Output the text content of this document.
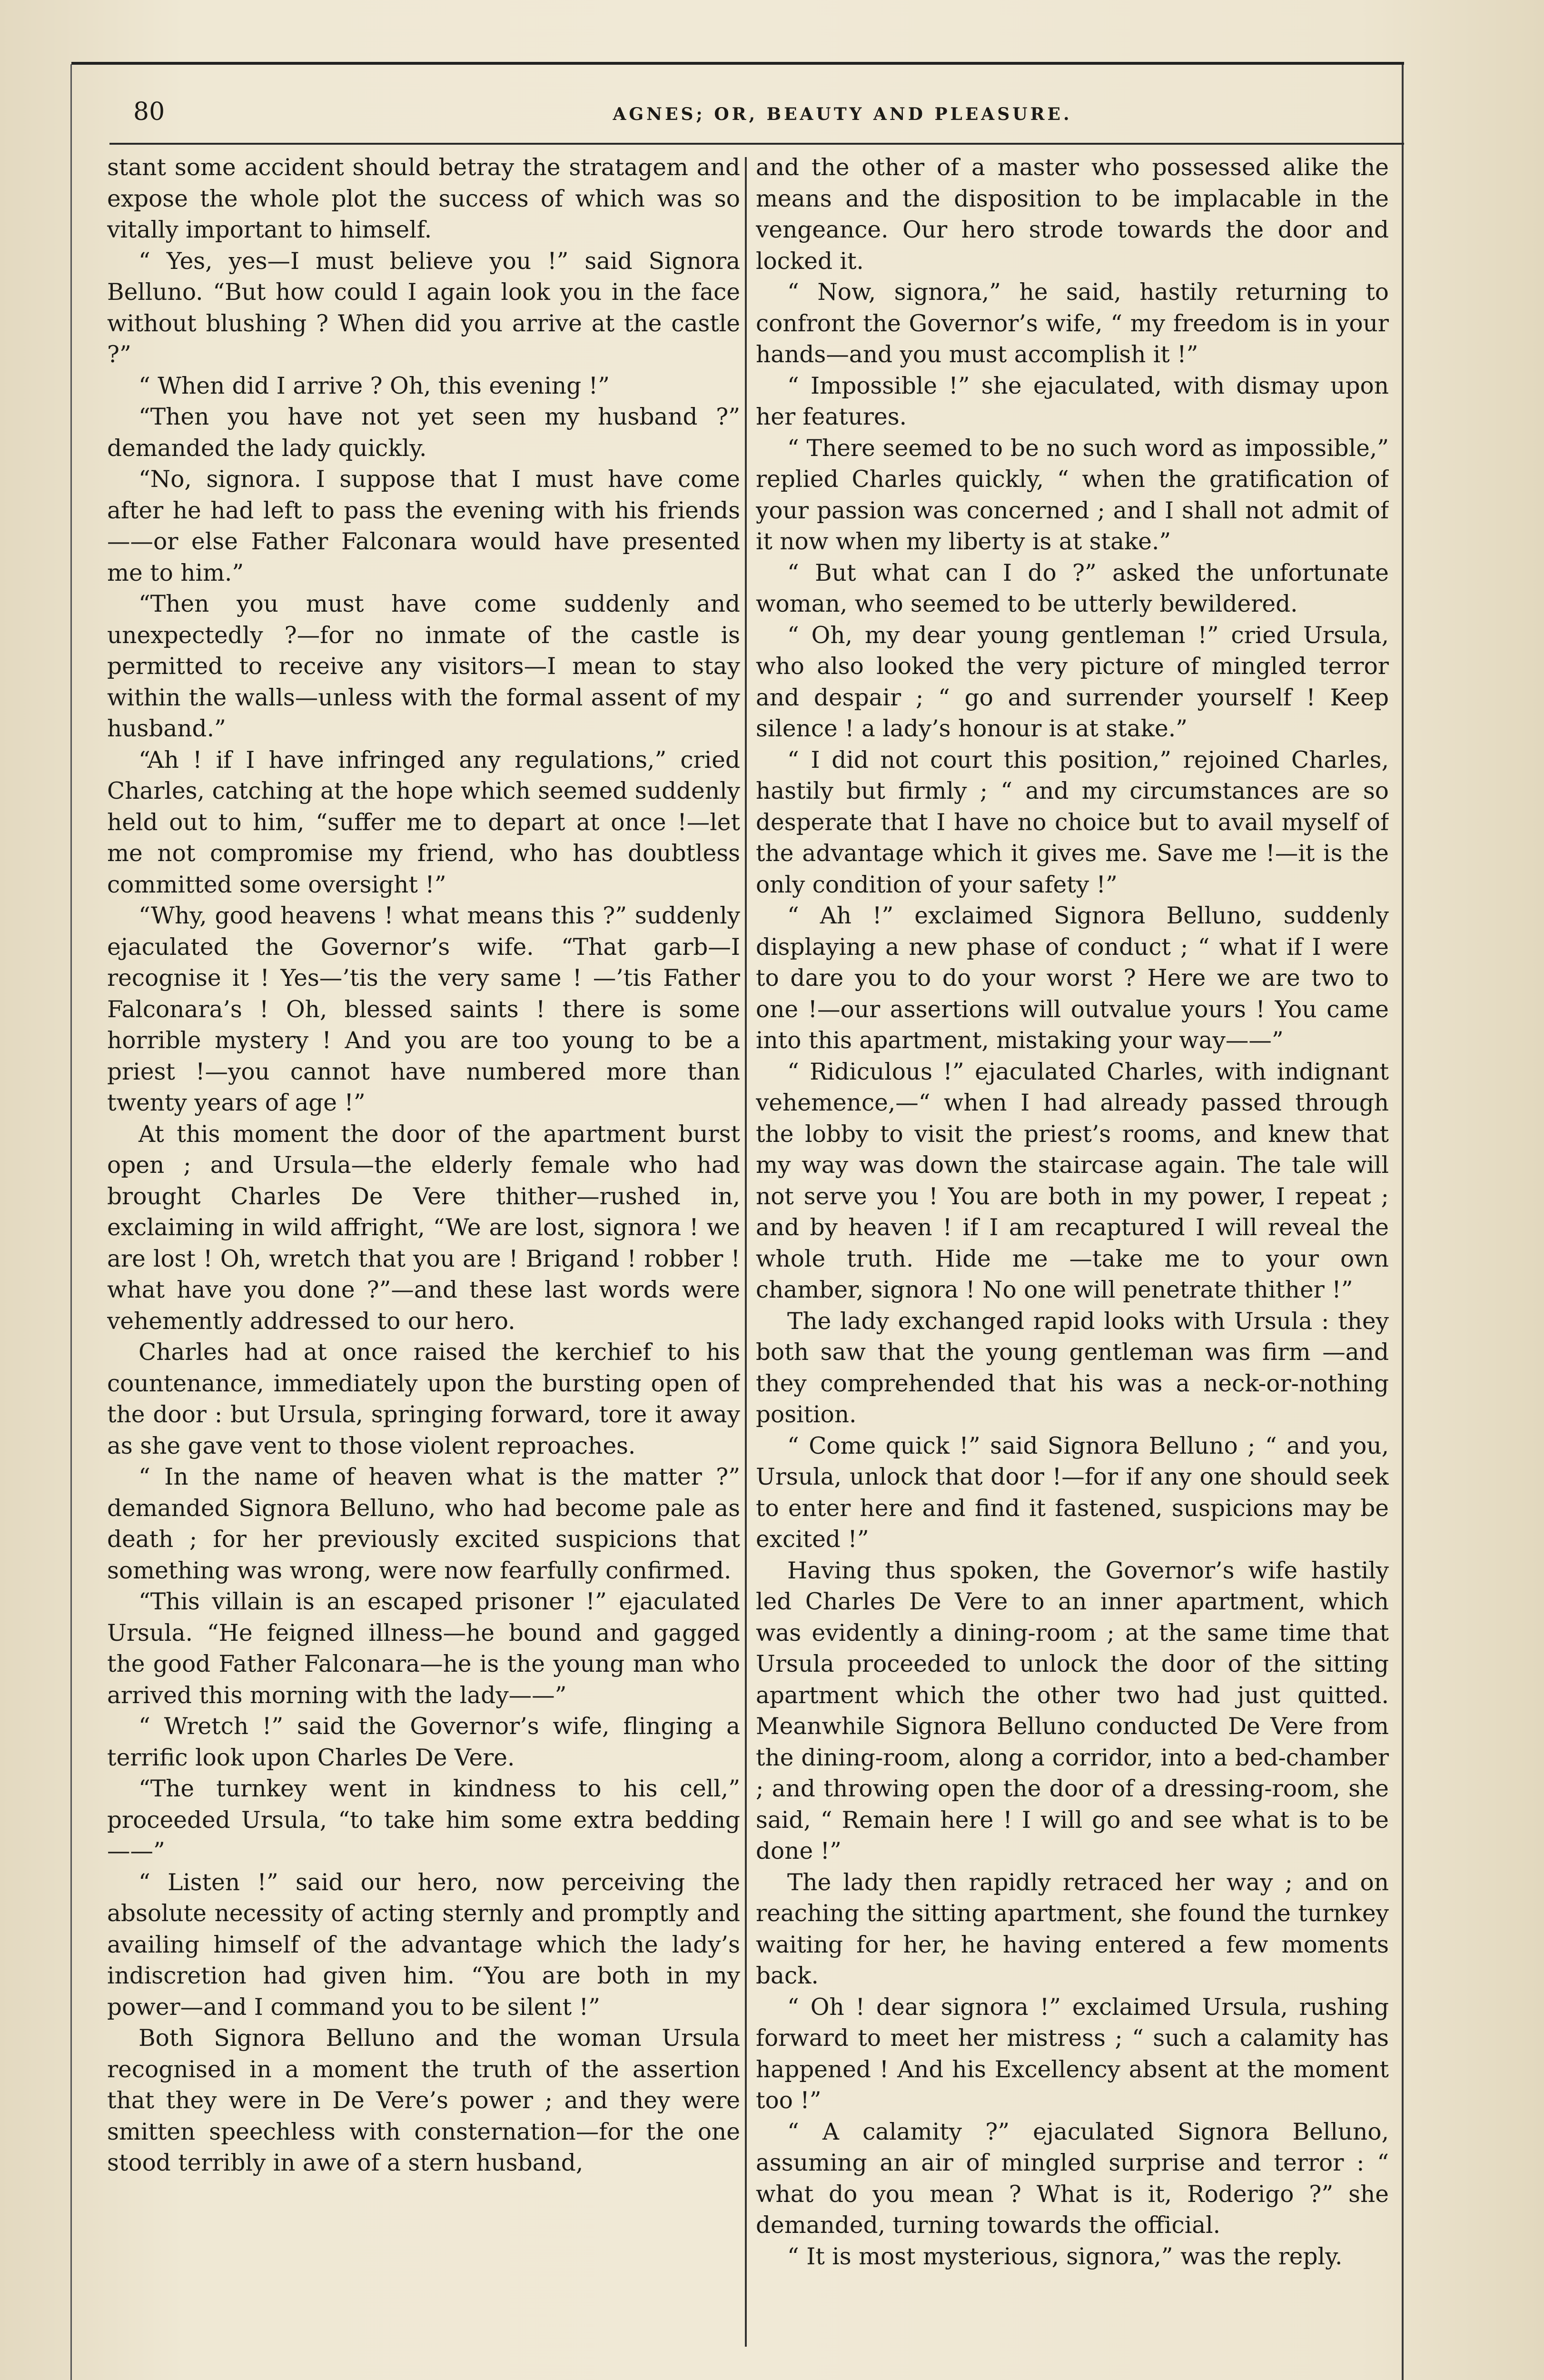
80	AGNES; OR, BEAUTY AND PLEASURE.

stant some accident should betray the stratagem and expose the whole plot the success of which was so vitally important to himself.

“ Yes, yes—I must believe you !” said Signora Belluno. “But how could I again look you in the face without blushing ? When did you arrive at the castle ?”

“ When did I arrive ? Oh, this evening !”

“Then you have not yet seen my husband ?” demanded the lady quickly.

“No, signora. I suppose that I must have come after he had left to pass the evening with his friends——or else Father Falconara would have presented me to him.”

“Then you must have come suddenly and unexpectedly ?—for no inmate of the castle is permitted to receive any visitors—I mean to stay within the walls—unless with the formal assent of my husband.”

“Ah ! if I have infringed any regulations,” cried Charles, catching at the hope which seemed suddenly held out to him, “suffer me to depart at once !—let me not compromise my friend, who has doubtless committed some oversight !”

“Why, good heavens ! what means this ?” suddenly ejaculated the Governor’s wife. “That garb—I recognise it ! Yes—’tis the very same ! —’tis Father Falconara’s ! Oh, blessed saints ! there is some horrible mystery ! And you are too young to be a priest !—you cannot have numbered more than twenty years of age !”

At this moment the door of the apartment burst open ; and Ursula—the elderly female who had brought Charles De Vere thither—rushed in, exclaiming in wild affright, “We are lost, signora ! we are lost ! Oh, wretch that you are ! Brigand ! robber ! what have you done ?”—and these last words were vehemently addressed to our hero.

Charles had at once raised the kerchief to his countenance, immediately upon the bursting open of the door : but Ursula, springing forward, tore it away as she gave vent to those violent reproaches.

“ In the name of heaven what is the matter ?” demanded Signora Belluno, who had become pale as death ; for her previously excited suspicions that something was wrong, were now fearfully confirmed.

“This villain is an escaped prisoner !” ejaculated Ursula. “He feigned illness—he bound and gagged the good Father Falconara—he is the young man who arrived this morning with the lady——”

“ Wretch !” said the Governor’s wife, flinging a terrific look upon Charles De Vere.

“The turnkey went in kindness to his cell,” proceeded Ursula, “to take him some extra bedding——”

“ Listen !” said our hero, now perceiving the absolute necessity of acting sternly and promptly and availing himself of the advantage which the lady’s indiscretion had given him. “You are both in my power—and I command you to be silent !”

Both Signora Belluno and the woman Ursula recognised in a moment the truth of the assertion that they were in De Vere’s power ; and they were smitten speechless with consternation—for the one stood terribly in awe of a stern husband,

and the other of a master who possessed alike the means and the disposition to be implacable in the vengeance. Our hero strode towards the door and locked it.

“ Now, signora,” he said, hastily returning to confront the Governor’s wife, “ my freedom is in your hands—and you must accomplish it !”

“ Impossible !” she ejaculated, with dismay upon her features.

“ There seemed to be no such word as impossible,” replied Charles quickly, “ when the gratification of your passion was concerned ; and I shall not admit of it now when my liberty is at stake.”

“ But what can I do ?” asked the unfortunate woman, who seemed to be utterly bewildered.

“ Oh, my dear young gentleman !” cried Ursula, who also looked the very picture of mingled terror and despair ; “ go and surrender yourself ! Keep silence ! a lady’s honour is at stake.”

“ I did not court this position,” rejoined Charles, hastily but firmly ; “ and my circumstances are so desperate that I have no choice but to avail myself of the advantage which it gives me. Save me !—it is the only condition of your safety !”

“ Ah !” exclaimed Signora Belluno, suddenly displaying a new phase of conduct ; “ what if I were to dare you to do your worst ? Here we are two to one !—our assertions will outvalue yours ! You came into this apartment, mistaking your way——”

“ Ridiculous !” ejaculated Charles, with indignant vehemence,—“ when I had already passed through the lobby to visit the priest’s rooms, and knew that my way was down the staircase again. The tale will not serve you ! You are both in my power, I repeat ; and by heaven ! if I am recaptured I will reveal the whole truth. Hide me —take me to your own chamber, signora ! No one will penetrate thither !”

The lady exchanged rapid looks with Ursula : they both saw that the young gentleman was firm —and they comprehended that his was a neck-or-nothing position.

“ Come quick !” said Signora Belluno ; “ and you, Ursula, unlock that door !—for if any one should seek to enter here and find it fastened, suspicions may be excited !”

Having thus spoken, the Governor’s wife hastily led Charles De Vere to an inner apartment, which was evidently a dining-room ; at the same time that Ursula proceeded to unlock the door of the sitting apartment which the other two had just quitted. Meanwhile Signora Belluno conducted De Vere from the dining-room, along a corridor, into a bed-chamber ; and throwing open the door of a dressing-room, she said, “ Remain here ! I will go and see what is to be done !”

The lady then rapidly retraced her way ; and on reaching the sitting apartment, she found the turnkey waiting for her, he having entered a few moments back.

“ Oh ! dear signora !” exclaimed Ursula, rushing forward to meet her mistress ; “ such a calamity has happened ! And his Excellency absent at the moment too !”

“ A calamity ?” ejaculated Signora Belluno, assuming an air of mingled surprise and terror : “ what do you mean ? What is it, Roderigo ?” she demanded, turning towards the official.

“ It is most mysterious, signora,” was the reply.
